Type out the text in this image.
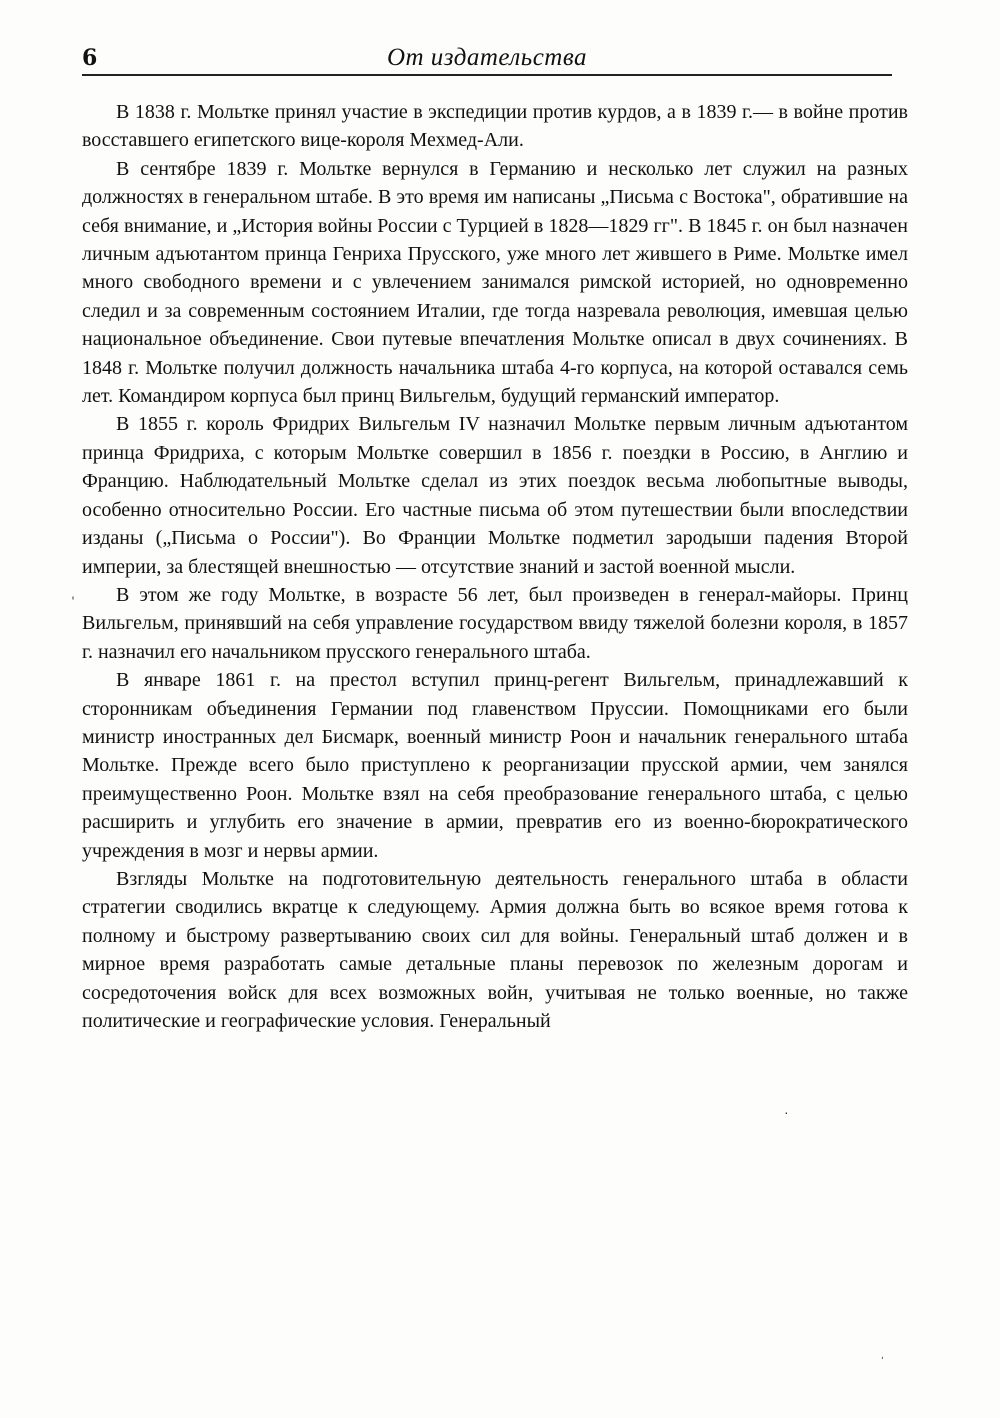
6	От издательства

В 1838 г. Мольтке принял участие в экспедиции против курдов, а в 1839 г.— в войне против восставшего египетского вице-короля Мехмед-Али.

В сентябре 1839 г. Мольтке вернулся в Германию и несколько лет служил на разных должностях в генеральном штабе. В это время им написаны „Письма с Востока", обратившие на себя внимание, и „История войны России с Турцией в 1828—1829 гг". В 1845 г. он был назначен личным адъютантом принца Генриха Прусского, уже много лет жившего в Риме. Мольтке имел много свободного времени и с увлечением занимался римской историей, но одновременно следил и за современным состоянием Италии, где тогда назревала революция, имевшая целью национальное объединение. Свои путевые впечатления Мольтке описал в двух сочинениях. В 1848 г. Мольтке получил должность начальника штаба 4-го корпуса, на которой оставался семь лет. Командиром корпуса был принц Вильгельм, будущий германский император.

В 1855 г. король Фридрих Вильгельм IV назначил Мольтке первым личным адъютантом принца Фридриха, с которым Мольтке совершил в 1856 г. поездки в Россию, в Англию и Францию. Наблюдательный Мольтке сделал из этих поездок весьма любопытные выводы, особенно относительно России. Его частные письма об этом путешествии были впоследствии изданы („Письма о России"). Во Франции Мольтке подметил зародыши падения Второй империи, за блестящей внешностью — отсутствие знаний и застой военной мысли.

В этом же году Мольтке, в возрасте 56 лет, был произведен в генерал-майоры. Принц Вильгельм, принявший на себя управление государством ввиду тяжелой болезни короля, в 1857 г. назначил его начальником прусского генерального штаба.

В январе 1861 г. на престол вступил принц-регент Вильгельм, принадлежавший к сторонникам объединения Германии под главенством Пруссии. Помощниками его были министр иностранных дел Бисмарк, военный министр Роон и начальник генерального штаба Мольтке. Прежде всего было приступлено к реорганизации прусской армии, чем занялся преимущественно Роон. Мольтке взял на себя преобразование генерального штаба, с целью расширить и углубить его значение в армии, превратив его из военно-бюрократического учреждения в мозг и нервы армии.

Взгляды Мольтке на подготовительную деятельность генерального штаба в области стратегии сводились вкратце к следующему. Армия должна быть во всякое время готова к полному и быстрому развертыванию своих сил для войны. Генеральный штаб должен и в мирное время разработать самые детальные планы перевозок по железным дорогам и сосредоточения войск для всех возможных войн, учитывая не только военные, но также политические и географические условия. Генеральный

ˈ
·
ˈ
